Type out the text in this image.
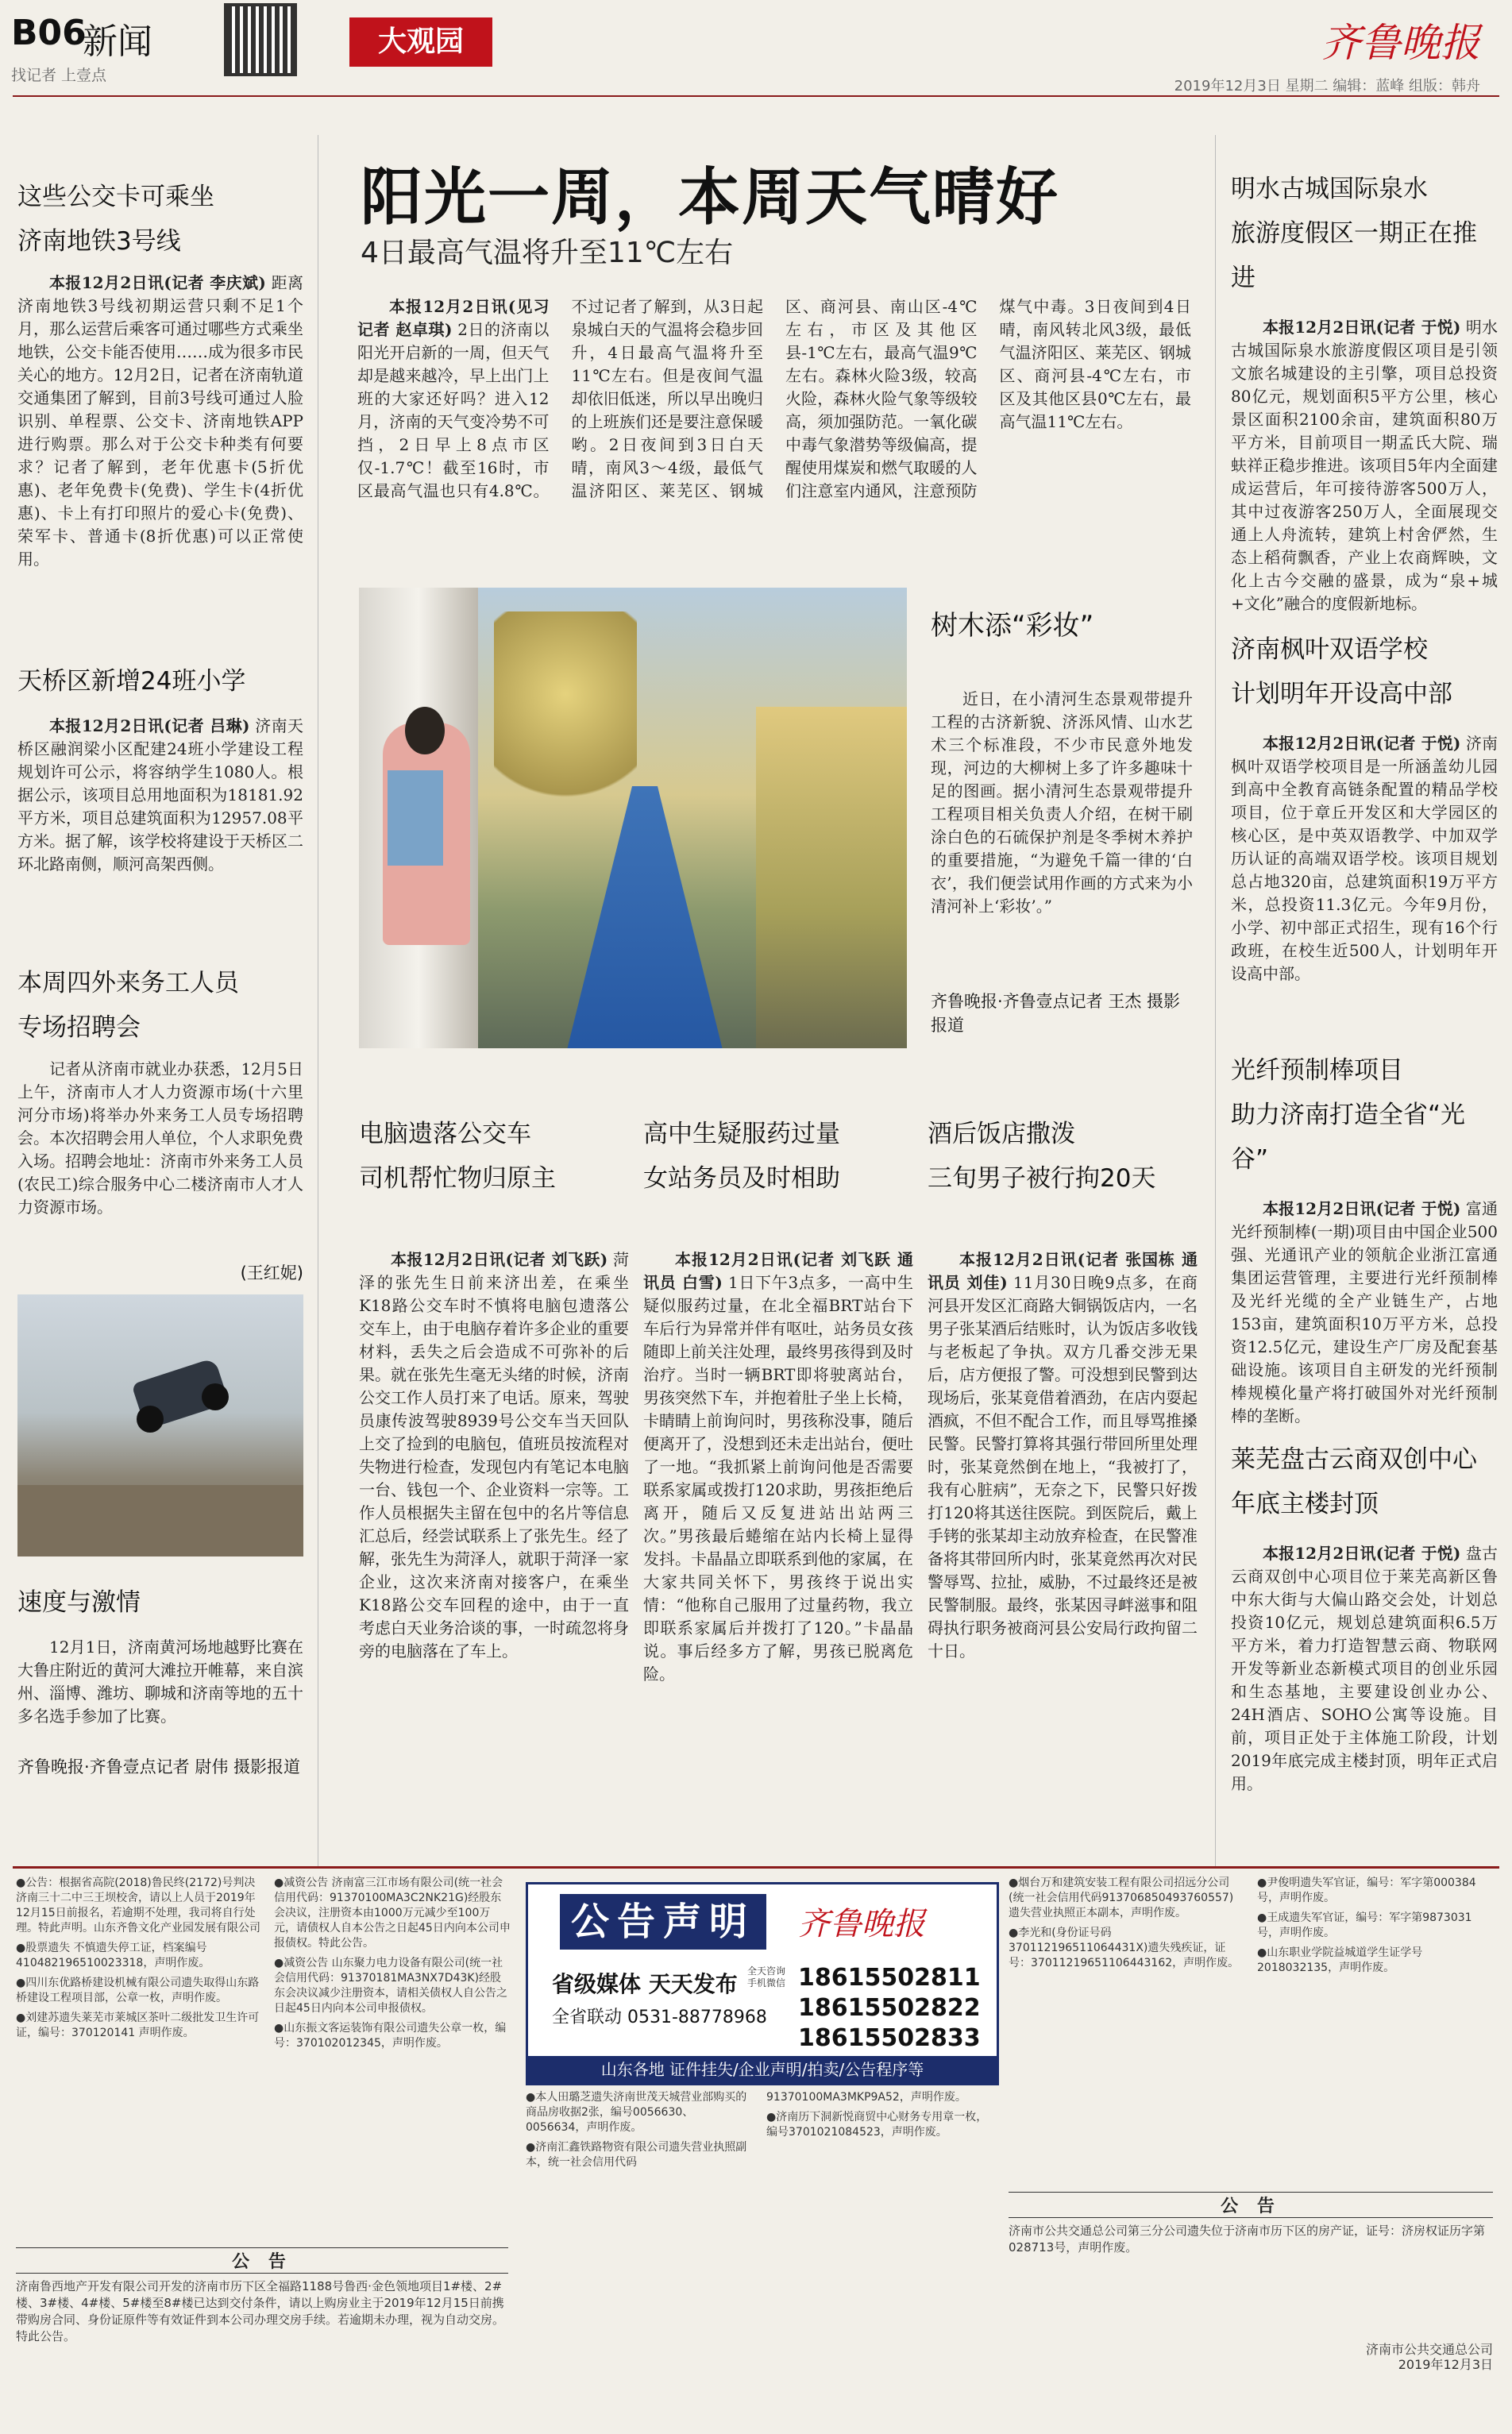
B06
新闻
找记者 上壹点
大观园	齐鲁晚报
2019年12月3日 星期二 编辑：蓝峰 组版：韩舟
这些公交卡可乘坐
济南地铁3号线

本报12月2日讯(记者 李庆斌) 距离济南地铁3号线初期运营只剩不足1个月，那么运营后乘客可通过哪些方式乘坐地铁，公交卡能否使用……成为很多市民关心的地方。12月2日，记者在济南轨道交通集团了解到，目前3号线可通过人脸识别、单程票、公交卡、济南地铁APP进行购票。那么对于公交卡种类有何要求？记者了解到，老年优惠卡(5折优惠)、老年免费卡(免费)、学生卡(4折优惠)、卡上有打印照片的爱心卡(免费)、荣军卡、普通卡(8折优惠)可以正常使用。

天桥区新增24班小学

本报12月2日讯(记者 吕琳) 济南天桥区融润梁小区配建24班小学建设工程规划许可公示，将容纳学生1080人。根据公示，该项目总用地面积为18181.92平方米，项目总建筑面积为12957.08平方米。据了解，该学校将建设于天桥区二环北路南侧，顺河高架西侧。

本周四外来务工人员
专场招聘会

记者从济南市就业办获悉，12月5日上午，济南市人才人力资源市场(十六里河分市场)将举办外来务工人员专场招聘会。本次招聘会用人单位，个人求职免费入场。招聘会地址：济南市外来务工人员(农民工)综合服务中心二楼济南市人才人力资源市场。

(王红妮)
速度与激情

12月1日，济南黄河场地越野比赛在大鲁庄附近的黄河大滩拉开帷幕，来自滨州、淄博、潍坊、聊城和济南等地的五十多名选手参加了比赛。

齐鲁晚报·齐鲁壹点记者 尉伟 摄影报道
阳光一周，本周天气晴好
4日最高气温将升至11℃左右

本报12月2日讯(见习记者 赵卓琪) 2日的济南以阳光开启新的一周，但天气却是越来越冷，早上出门上班的大家还好吗？进入12月，济南的天气变冷势不可挡，2日早上8点市区仅-1.7℃！截至16时，市区最高气温也只有4.8℃。不过记者了解到，从3日起泉城白天的气温将会稳步回升，4日最高气温将升至11℃左右。但是夜间气温却依旧低迷，所以早出晚归的上班族们还是要注意保暖哟。2日夜间到3日白天晴，南风3～4级，最低气温济阳区、莱芜区、钢城区、商河县、南山区-4℃左右，市区及其他区县-1℃左右，最高气温9℃左右。森林火险3级，较高火险，森林火险气象等级较高，须加强防范。一氧化碳中毒气象潜势等级偏高，提醒使用煤炭和燃气取暖的人们注意室内通风，注意预防煤气中毒。3日夜间到4日晴，南风转北风3级，最低气温济阳区、莱芜区、钢城区、商河县-4℃左右，市区及其他区县0℃左右，最高气温11℃左右。

树木添“彩妆”

近日，在小清河生态景观带提升工程的古济新貌、济泺风情、山水艺术三个标准段，不少市民意外地发现，河边的大柳树上多了许多趣味十足的图画。据小清河生态景观带提升工程项目相关负责人介绍，在树干刷涂白色的石硫保护剂是冬季树木养护的重要措施，“为避免千篇一律的‘白衣’，我们便尝试用作画的方式来为小清河补上‘彩妆’。”

齐鲁晚报·齐鲁壹点记者 王杰 摄影报道
电脑遗落公交车
司机帮忙物归原主

本报12月2日讯(记者 刘飞跃) 菏泽的张先生日前来济出差，在乘坐K18路公交车时不慎将电脑包遗落公交车上，由于电脑存着许多企业的重要材料，丢失之后会造成不可弥补的后果。就在张先生毫无头绪的时候，济南公交工作人员打来了电话。原来，驾驶员康传波驾驶8939号公交车当天回队上交了捡到的电脑包，值班员按流程对失物进行检查，发现包内有笔记本电脑一台、钱包一个、企业资料一宗等。工作人员根据失主留在包中的名片等信息汇总后，经尝试联系上了张先生。经了解，张先生为菏泽人，就职于菏泽一家企业，这次来济南对接客户，在乘坐K18路公交车回程的途中，由于一直考虑白天业务洽谈的事，一时疏忽将身旁的电脑落在了车上。

高中生疑服药过量
女站务员及时相助

本报12月2日讯(记者 刘飞跃 通讯员 白雪) 1日下午3点多，一高中生疑似服药过量，在北全福BRT站台下车后行为异常并伴有呕吐，站务员女孩随即上前关注处理，最终男孩得到及时治疗。当时一辆BRT即将驶离站台，男孩突然下车，并抱着肚子坐上长椅，卡睛睛上前询问时，男孩称没事，随后便离开了，没想到还未走出站台，便吐了一地。“我抓紧上前询问他是否需要联系家属或拨打120求助，男孩拒绝后离开，随后又反复进站出站两三次。”男孩最后蜷缩在站内长椅上显得发抖。卡晶晶立即联系到他的家属，在大家共同关怀下，男孩终于说出实情：“他称自己服用了过量药物，我立即联系家属后并拨打了120。”卡晶晶说。事后经多方了解，男孩已脱离危险。

酒后饭店撒泼
三旬男子被行拘20天

本报12月2日讯(记者 张国栋 通讯员 刘佳) 11月30日晚9点多，在商河县开发区汇商路大铜锅饭店内，一名男子张某酒后结账时，认为饭店多收钱与老板起了争执。双方几番交涉无果后，店方便报了警。可没想到民警到达现场后，张某竟借着酒劲，在店内耍起酒疯，不但不配合工作，而且辱骂推搡民警。民警打算将其强行带回所里处理时，张某竟然倒在地上，“我被打了，我有心脏病”，无奈之下，民警只好拨打120将其送往医院。到医院后，戴上手铐的张某却主动放弃检查，在民警准备将其带回所内时，张某竟然再次对民警辱骂、拉扯，威胁，不过最终还是被民警制服。最终，张某因寻衅滋事和阻碍执行职务被商河县公安局行政拘留二十日。

明水古城国际泉水
旅游度假区一期正在推进

本报12月2日讯(记者 于悦) 明水古城国际泉水旅游度假区项目是引领文旅名城建设的主引擎，项目总投资80亿元，规划面积5平方公里，核心景区面积2100余亩，建筑面积80万平方米，目前项目一期孟氏大院、瑞蚨祥正稳步推进。该项目5年内全面建成运营后，年可接待游客500万人，其中过夜游客250万人，全面展现交通上人舟流转，建筑上村舍俨然，生态上稻荷飘香，产业上农商辉映，文化上古今交融的盛景，成为“泉+城+文化”融合的度假新地标。

济南枫叶双语学校
计划明年开设高中部

本报12月2日讯(记者 于悦) 济南枫叶双语学校项目是一所涵盖幼儿园到高中全教育高链条配置的精品学校项目，位于章丘开发区和大学园区的核心区，是中英双语教学、中加双学历认证的高端双语学校。该项目规划总占地320亩，总建筑面积19万平方米，总投资11.3亿元。今年9月份，小学、初中部正式招生，现有16个行政班，在校生近500人，计划明年开设高中部。

光纤预制棒项目
助力济南打造全省“光谷”

本报12月2日讯(记者 于悦) 富通光纤预制棒(一期)项目由中国企业500强、光通讯产业的领航企业浙江富通集团运营管理，主要进行光纤预制棒及光纤光缆的全产业链生产，占地153亩，建筑面积10万平方米，总投资12.5亿元，建设生产厂房及配套基础设施。该项目自主研发的光纤预制棒规模化量产将打破国外对光纤预制棒的垄断。

莱芜盘古云商双创中心
年底主楼封顶

本报12月2日讯(记者 于悦) 盘古云商双创中心项目位于莱芜高新区鲁中东大街与大偏山路交会处，计划总投资10亿元，规划总建筑面积6.5万平方米，着力打造智慧云商、物联网开发等新业态新模式项目的创业乐园和生态基地，主要建设创业办公、24H酒店、SOHO公寓等设施。目前，项目正处于主体施工阶段，计划2019年底完成主楼封顶，明年正式启用。

●公告：根据省高院(2018)鲁民终(2172)号判决济南三十二中三王坝校舍，请以上人员于2019年12月15日前报名，若逾期不处理，我司将自行处理。特此声明。山东齐鲁文化产业园发展有限公司

●股票遗失 不慎遗失停工证，档案编号410482196510023318，声明作废。

●四川东优路桥建设机械有限公司遗失取得山东路桥建设工程项目部，公章一枚，声明作废。

●刘建苏遗失莱芜市莱城区茶叶二级批发卫生许可证，编号：370120141 声明作废。

●减资公告 济南富三江市场有限公司(统一社会信用代码：91370100MA3C2NK21G)经股东会决议，注册资本由1000万元减少至100万元，请债权人自本公告之日起45日内向本公司申报债权。特此公告。

●减资公告 山东聚力电力设备有限公司(统一社会信用代码：91370181MA3NX7D43K)经股东会决议减少注册资本，请相关债权人自公告之日起45日内向本公司申报债权。

●山东振文客运装饰有限公司遗失公章一枚，编号：370102012345，声明作废。

公告声明	齐鲁晚报
省级媒体 天天发布 全天咨询 手机微信 18615502811
18615502822
18615502833
全省联动 0531-88778968
山东各地 证件挂失/企业声明/拍卖/公告程序等

●本人田璐芝遗失济南世茂天城营业部购买的商品房收据2张，编号0056630、0056634，声明作废。

●济南汇鑫铁路物资有限公司遗失营业执照副本，统一社会信用代码91370100MA3MKP9A52，声明作废。

●济南历下洞新悦商贸中心财务专用章一枚，编号3701021084523，声明作废。

●烟台万和建筑安装工程有限公司招远分公司(统一社会信用代码913706850493760557)遗失营业执照正本副本，声明作废。

●李光和(身份证号码370112196511064431X)遗失残疾证，证号：37011219651106443162，声明作废。

●尹俊明遗失军官证，编号：军字第000384号，声明作废。

●王成遗失军官证，编号：军字第9873031号，声明作废。

●山东职业学院益城道学生证学号2018032135，声明作废。

公 告
济南鲁西地产开发有限公司开发的济南市历下区全福路1188号鲁西·金色领地项目1#楼、2#楼、3#楼、4#楼、5#楼至8#楼已达到交付条件，请以上购房业主于2019年12月15日前携带购房合同、身份证原件等有效证件到本公司办理交房手续。若逾期未办理，视为自动交房。特此公告。
公 告
济南市公共交通总公司第三分公司遗失位于济南市历下区的房产证，证号：济房权证历字第028713号，声明作废。
济南市公共交通总公司
2019年12月3日
